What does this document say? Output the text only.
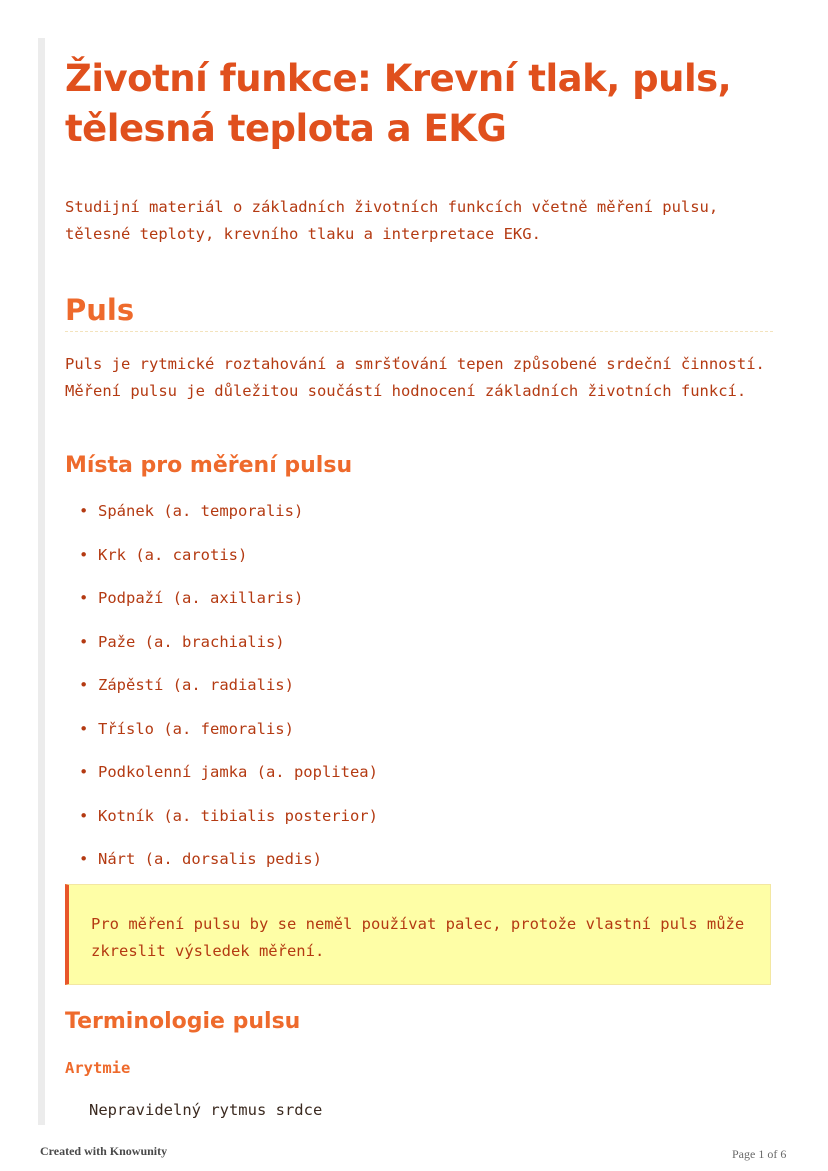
Životní funkce: Krevní tlak, puls, tělesná teplota a EKG

Studijní materiál o základních životních funkcích včetně měření pulsu, tělesné teploty, krevního tlaku a interpretace EKG.

Puls

Puls je rytmické roztahování a smršťování tepen způsobené srdeční činností. Měření pulsu je důležitou součástí hodnocení základních životních funkcí.

Místa pro měření pulsu
• Spánek (a. temporalis)
• Krk (a. carotis)
• Podpaží (a. axillaris)
• Paže (a. brachialis)
• Zápěstí (a. radialis)
• Tříslo (a. femoralis)
• Podkolenní jamka (a. poplitea)
• Kotník (a. tibialis posterior)
• Nárt (a. dorsalis pedis)

Pro měření pulsu by se neměl používat palec, protože vlastní puls může zkreslit výsledek měření.

Terminologie pulsu
Arytmie

Nepravidelný rytmus srdce

Created with Knowunity	Page 1 of 6
